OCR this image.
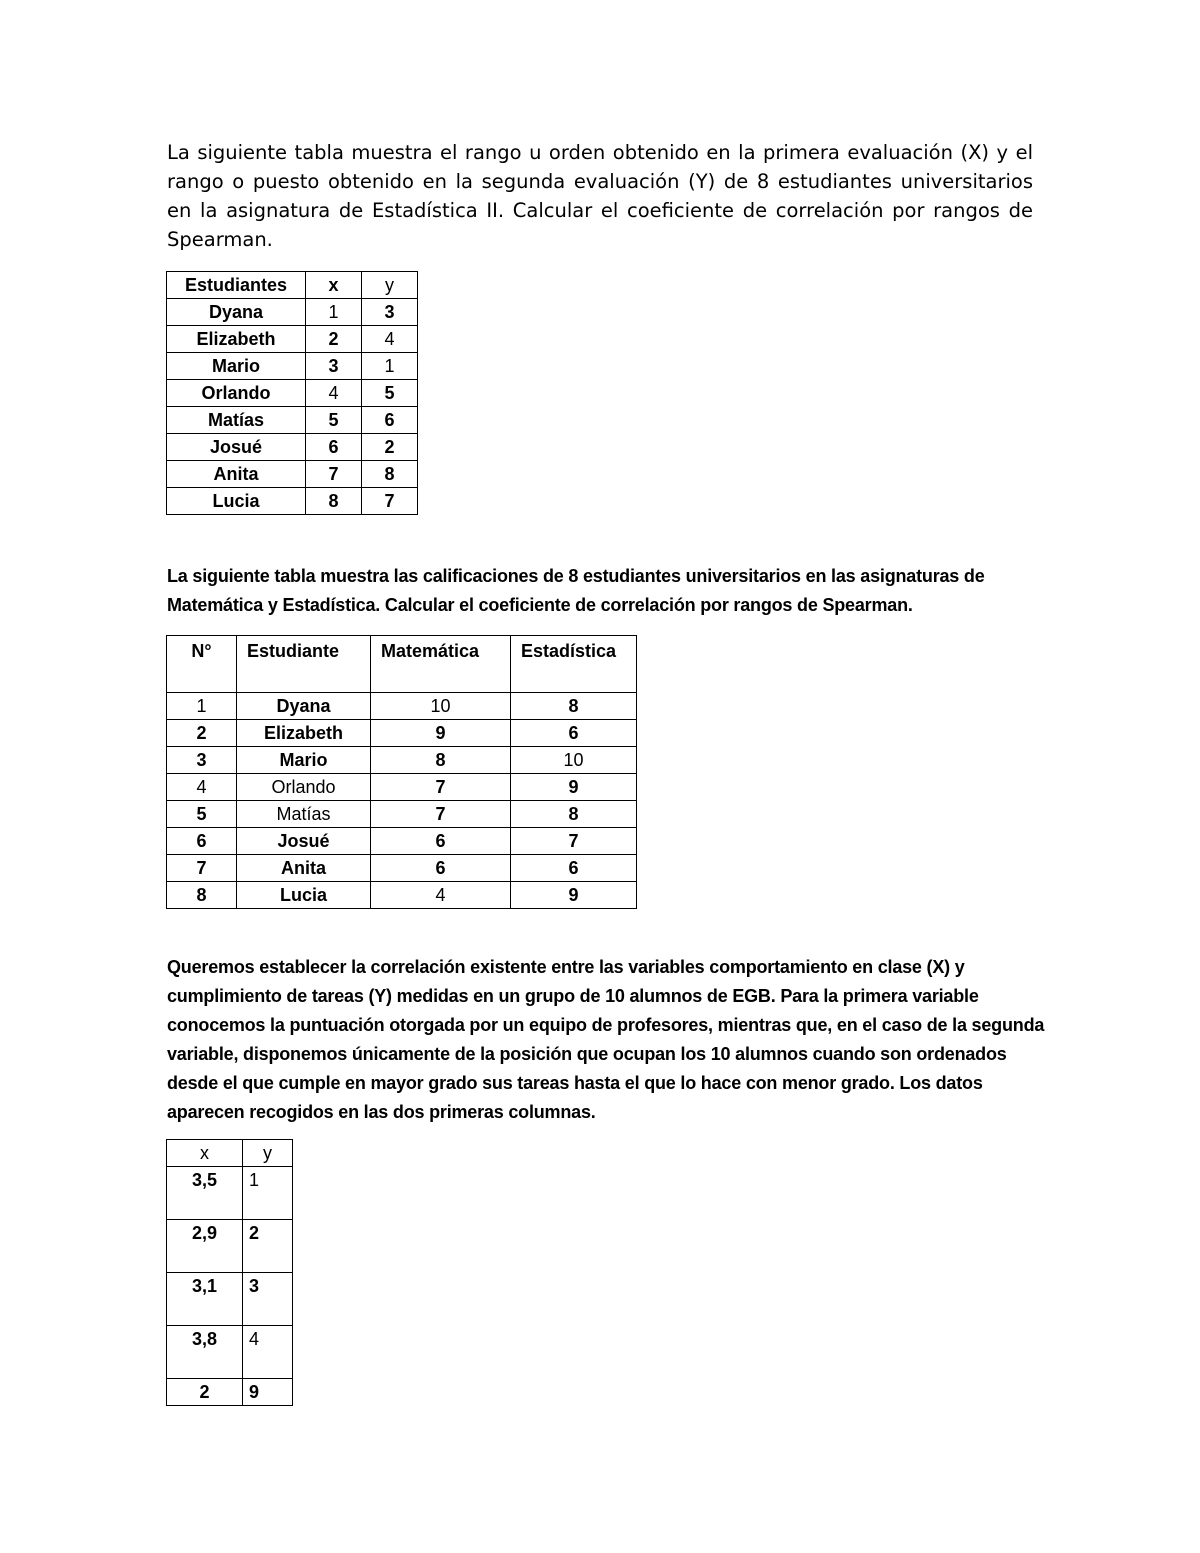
La siguiente tabla muestra el rango u orden obtenido en la primera evaluación (X) y el rango o puesto obtenido en la segunda evaluación (Y) de 8 estudiantes universitarios en la asignatura de Estadística II. Calcular el coeficiente de correlación por rangos de Spearman.

Estudiantes	x	y
Dyana	1	3
Elizabeth	2	4
Mario	3	1
Orlando	4	5
Matías	5	6
Josué	6	2
Anita	7	8
Lucia	8	7

La siguiente tabla muestra las calificaciones de 8 estudiantes universitarios en las asignaturas de Matemática y Estadística. Calcular el coeficiente de correlación por rangos de Spearman.

N°	Estudiante	Matemática	Estadística
1	Dyana	10	8
2	Elizabeth	9	6
3	Mario	8	10
4	Orlando	7	9
5	Matías	7	8
6	Josué	6	7
7	Anita	6	6
8	Lucia	4	9

Queremos establecer la correlación existente entre las variables comportamiento en clase (X) y cumplimiento de tareas (Y) medidas en un grupo de 10 alumnos de EGB. Para la primera variable conocemos la puntuación otorgada por un equipo de profesores, mientras que, en el caso de la segunda variable, disponemos únicamente de la posición que ocupan los 10 alumnos cuando son ordenados desde el que cumple en mayor grado sus tareas hasta el que lo hace con menor grado. Los datos aparecen recogidos en las dos primeras columnas.

x	y
3,5	1
2,9	2
3,1	3
3,8	4
2	9
